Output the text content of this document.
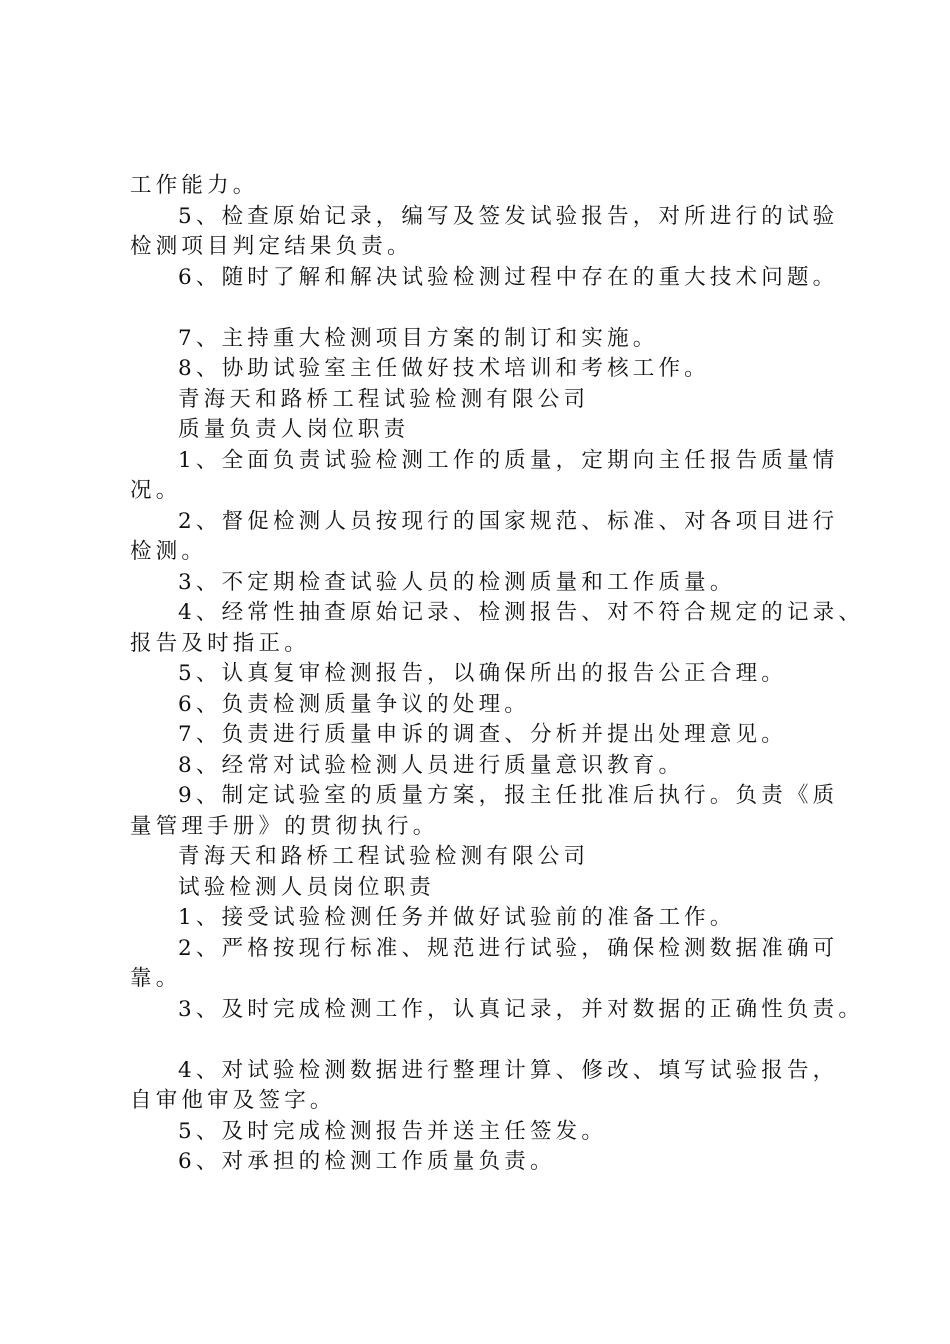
工作能力。
5、检查原始记录，编写及签发试验报告，对所进行的试验
检测项目判定结果负责。
6、随时了解和解决试验检测过程中存在的重大技术问题。
7、主持重大检测项目方案的制订和实施。
8、协助试验室主任做好技术培训和考核工作。
青海天和路桥工程试验检测有限公司
质量负责人岗位职责
1、全面负责试验检测工作的质量，定期向主任报告质量情
况。
2、督促检测人员按现行的国家规范、标准、对各项目进行
检测。
3、不定期检查试验人员的检测质量和工作质量。
4、经常性抽查原始记录、检测报告、对不符合规定的记录、
报告及时指正。
5、认真复审检测报告，以确保所出的报告公正合理。
6、负责检测质量争议的处理。
7、负责进行质量申诉的调查、分析并提出处理意见。
8、经常对试验检测人员进行质量意识教育。
9、制定试验室的质量方案，报主任批准后执行。负责《质
量管理手册》的贯彻执行。
青海天和路桥工程试验检测有限公司
试验检测人员岗位职责
1、接受试验检测任务并做好试验前的准备工作。
2、严格按现行标准、规范进行试验，确保检测数据准确可
靠。
3、及时完成检测工作，认真记录，并对数据的正确性负责。
4、对试验检测数据进行整理计算、修改、填写试验报告，
自审他审及签字。
5、及时完成检测报告并送主任签发。
6、对承担的检测工作质量负责。
